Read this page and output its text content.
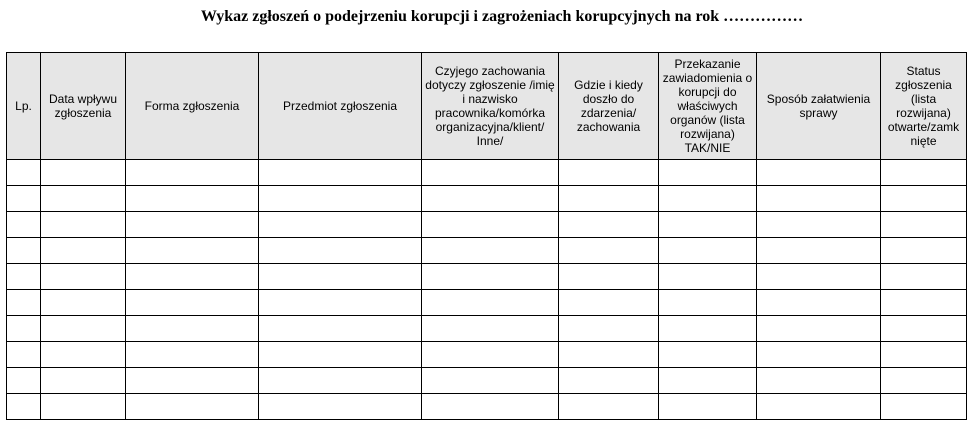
Wykaz zgłoszeń o podejrzeniu korupcji i zagrożeniach korupcyjnych na rok ……………
Lp.	Data wpływu zgłoszenia	Forma zgłoszenia	Przedmiot zgłoszenia	Czyjego zachowania dotyczy zgłoszenie /imię i nazwisko pracownika/komórka organizacyjna/klient/ Inne/	Gdzie i kiedy doszło do zdarzenia/ zachowania	Przekazanie zawiadomienia o korupcji do właściwych organów (lista rozwijana) TAK/NIE	Sposób załatwienia sprawy	Status zgłoszenia (lista rozwijana) otwarte/zamk nięte
